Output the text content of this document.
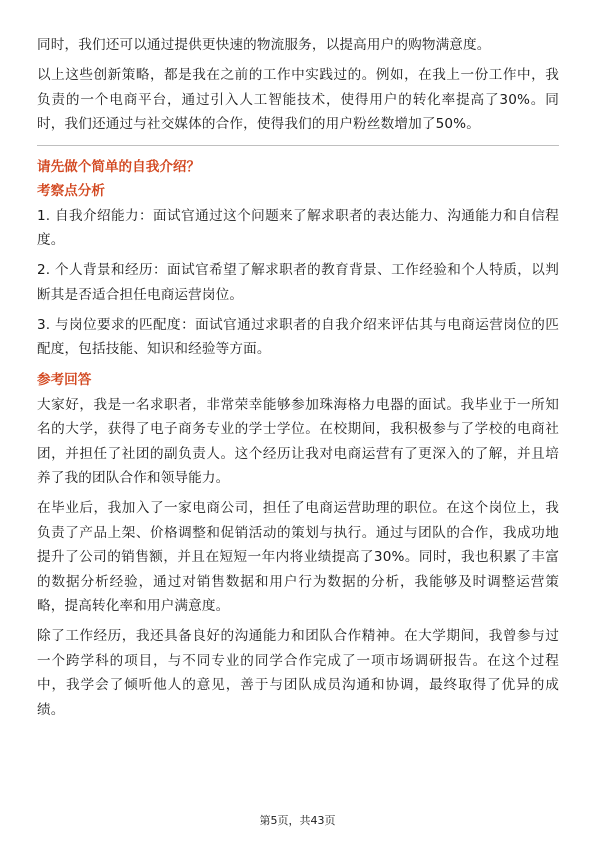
同时，我们还可以通过提供更快速的物流服务，以提高用户的购物满意度。

以上这些创新策略，都是我在之前的工作中实践过的。例如，在我上一份工作中，我负责的一个电商平台，通过引入人工智能技术，使得用户的转化率提高了30%。同时，我们还通过与社交媒体的合作，使得我们的用户粉丝数增加了50%。

请先做个简单的自我介绍？
考察点分析

1. 自我介绍能力：面试官通过这个问题来了解求职者的表达能力、沟通能力和自信程度。

2. 个人背景和经历：面试官希望了解求职者的教育背景、工作经验和个人特质，以判断其是否适合担任电商运营岗位。

3. 与岗位要求的匹配度：面试官通过求职者的自我介绍来评估其与电商运营岗位的匹配度，包括技能、知识和经验等方面。

参考回答

大家好，我是一名求职者，非常荣幸能够参加珠海格力电器的面试。我毕业于一所知名的大学，获得了电子商务专业的学士学位。在校期间，我积极参与了学校的电商社团，并担任了社团的副负责人。这个经历让我对电商运营有了更深入的了解，并且培养了我的团队合作和领导能力。

在毕业后，我加入了一家电商公司，担任了电商运营助理的职位。在这个岗位上，我负责了产品上架、价格调整和促销活动的策划与执行。通过与团队的合作，我成功地提升了公司的销售额，并且在短短一年内将业绩提高了30%。同时，我也积累了丰富的数据分析经验，通过对销售数据和用户行为数据的分析，我能够及时调整运营策略，提高转化率和用户满意度。

除了工作经历，我还具备良好的沟通能力和团队合作精神。在大学期间，我曾参与过一个跨学科的项目，与不同专业的同学合作完成了一项市场调研报告。在这个过程中，我学会了倾听他人的意见，善于与团队成员沟通和协调，最终取得了优异的成绩。

第5页，共43页
